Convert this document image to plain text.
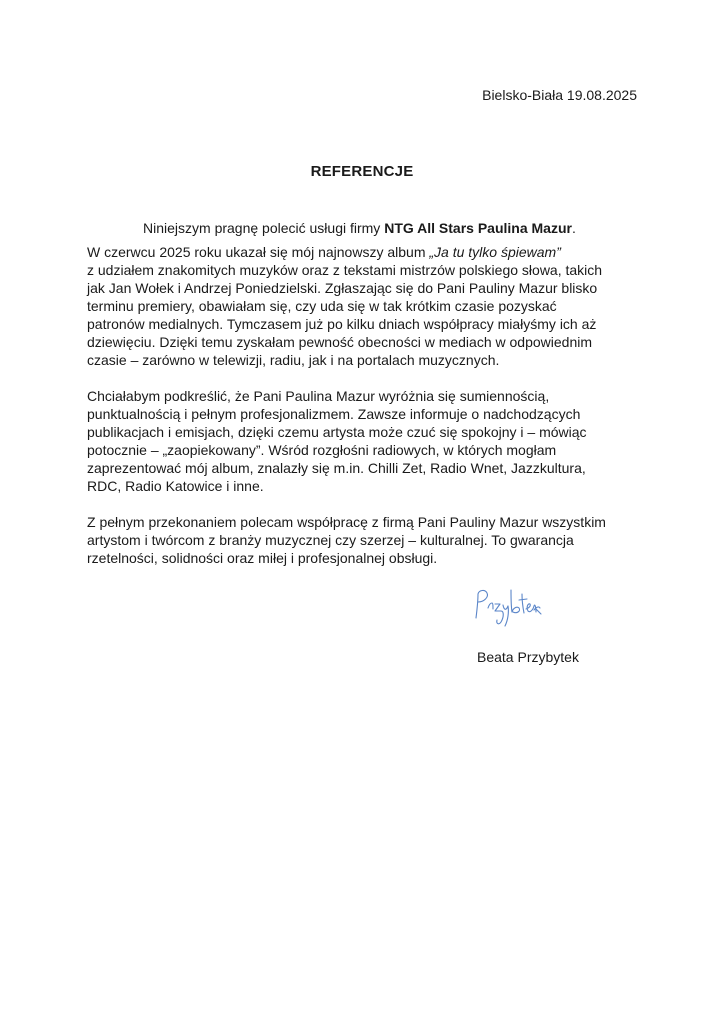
Bielsko-Biała 19.08.2025
REFERENCJE
Niniejszym pragnę polecić usługi firmy NTG All Stars Paulina Mazur.
W czerwcu 2025 roku ukazał się mój najnowszy album „Ja tu tylko śpiewam”
z udziałem znakomitych muzyków oraz z tekstami mistrzów polskiego słowa, takich
jak Jan Wołek i Andrzej Poniedzielski. Zgłaszając się do Pani Pauliny Mazur blisko
terminu premiery, obawiałam się, czy uda się w tak krótkim czasie pozyskać
patronów medialnych. Tymczasem już po kilku dniach współpracy miałyśmy ich aż
dziewięciu. Dzięki temu zyskałam pewność obecności w mediach w odpowiednim
czasie – zarówno w telewizji, radiu, jak i na portalach muzycznych.
Chciałabym podkreślić, że Pani Paulina Mazur wyróżnia się sumiennością,
punktualnością i pełnym profesjonalizmem. Zawsze informuje o nadchodzących
publikacjach i emisjach, dzięki czemu artysta może czuć się spokojny i – mówiąc
potocznie – „zaopiekowany”. Wśród rozgłośni radiowych, w których mogłam
zaprezentować mój album, znalazły się m.in. Chilli Zet, Radio Wnet, Jazzkultura,
RDC, Radio Katowice i inne.
Z pełnym przekonaniem polecam współpracę z firmą Pani Pauliny Mazur wszystkim
artystom i twórcom z branży muzycznej czy szerzej – kulturalnej. To gwarancja
rzetelności, solidności oraz miłej i profesjonalnej obsługi.
Beata Przybytek
